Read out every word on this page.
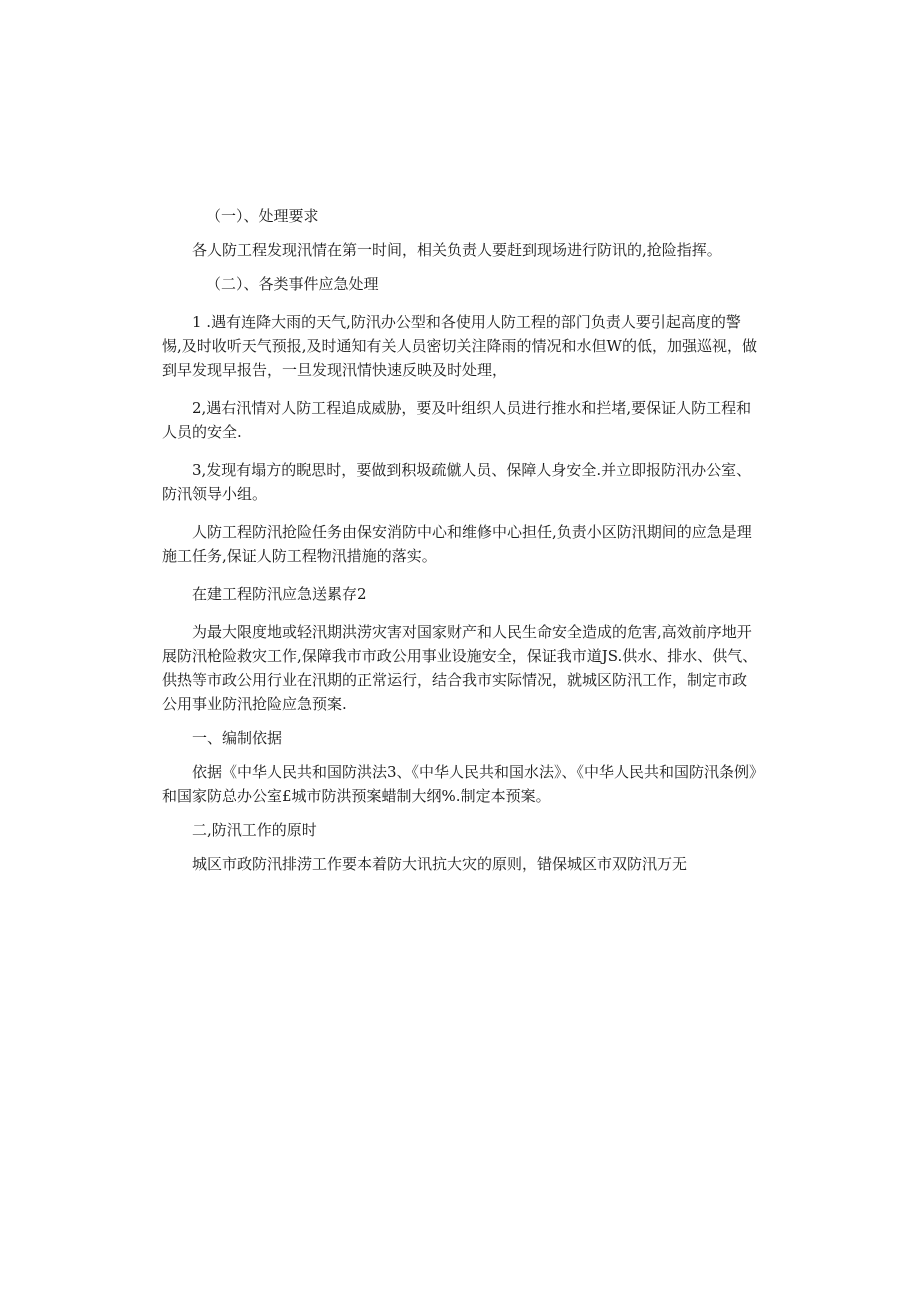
（一）、处理要求

各人防工程发现汛情在第一时间，相关负责人要赶到现场进行防讯的,抢险指挥。

（二）、各类事件应急处理

1 .遇有连降大雨的天气,防汛办公型和各使用人防工程的部门负责人要引起高度的警惕,及时收听天气预报,及时通知有关人员密切关注降雨的情况和水但W的低，加强巡视，做到早发现早报告，一旦发现汛情快速反映及时处理，

2,遇右汛情对人防工程追成威胁，要及叶组织人员进行推水和拦堵,要保证人防工程和人员的安全.

3,发现有塌方的睨思时，要做到积圾疏僦人员、保障人身安全.并立即报防汛办公室、防汛领导小组。

人防工程防汛抢险任务由保安消防中心和维修中心担任,负责小区防汛期间的应急是理施工任务,保证人防工程物汛措施的落实。

在建工程防汛应急送累存2

为最大限度地或轻汛期洪涝灾害对国家财产和人民生命安全造成的危害,高效前序地开展防汛枪险救灾工作,保障我市市政公用事业设施安全，保证我市道JS.供水、排水、供气、供热等市政公用行业在汛期的正常运行，结合我市实际情况，就城区防汛工作，制定市政公用事业防汛抢险应急预案.

一、编制依据

依据《中华人民共和国防洪法3、《中华人民共和国水法》、《中华人民共和国防汛条例》和国家防总办公室£城市防洪预案蜡制大纲%.制定本预案。

二,防汛工作的原时

城区市政防汛排涝工作要本着防大讯抗大灾的原则，错保城区市双防汛万无
